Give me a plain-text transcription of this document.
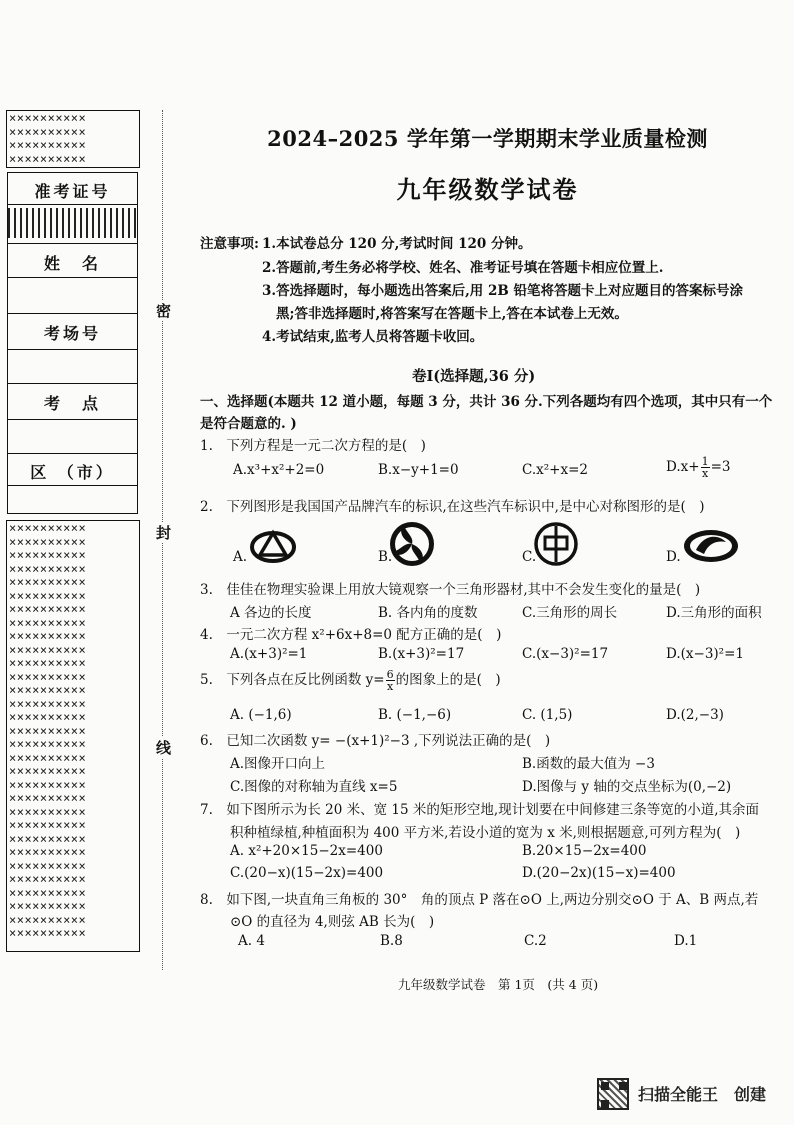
××××××××××
××××××××××
××××××××××
××××××××××
准考证号
姓　名
考场号
考　点
区 （市）
××××××××××
××××××××××
××××××××××
××××××××××
××××××××××
××××××××××
××××××××××
××××××××××
××××××××××
××××××××××
××××××××××
××××××××××
××××××××××
××××××××××
××××××××××
××××××××××
××××××××××
××××××××××
××××××××××
××××××××××
××××××××××
××××××××××
××××××××××
××××××××××
××××××××××
××××××××××
××××××××××
××××××××××
××××××××××
××××××××××
××××××××××
密
封
线
2024–2025 学年第一学期期末学业质量检测
九年级数学试卷
注意事项: 1.本试卷总分 120 分,考试时间 120 分钟。
2.答题前,考生务必将学校、姓名、准考证号填在答题卡相应位置上.
3.答选择题时，每小题选出答案后,用 2B 铅笔将答题卡上对应题目的答案标号涂
黑;答非选择题时,将答案写在答题卡上,答在本试卷上无效。
4.考试结束,监考人员将答题卡收回。
卷Ⅰ(选择题,36 分)
一、选择题(本题共 12 道小题，每题 3 分，共计 36 分.下列各题均有四个选项，其中只有一个
是符合题意的. )
1.　下列方程是一元二次方程的是(　)
A.x³+x²+2=0	B.x−y+1=0	C.x²+x=2	$D.x+ \frac{1}{x} =3$
2.　下列图形是我国国产品牌汽车的标识,在这些汽车标识中,是中心对称图形的是(　)
A.	B.	C.	D.
3.　佳佳在物理实验课上用放大镜观察一个三角形器材,其中不会发生变化的量是(　)
A 各边的长度	B. 各内角的度数	C.三角形的周长	D.三角形的面积
4.　一元二次方程 x²+6x+8=0 配方正确的是(　)
A.(x+3)²=1	B.(x+3)²=17	C.(x−3)²=17	D.(x−3)²=1
5.　下列各点在反比例函数 $y= \frac{6}{x}$ 的图象上的是(　)
A. (−1,6)	B. (−1,−6)	C. (1,5)	D.(2,−3)
6.　已知二次函数 y= −(x+1)²−3 ,下列说法正确的是(　)
A.图像开口向上	B.函数的最大值为 −3
C.图像的对称轴为直线 x=5	D.图像与 y 轴的交点坐标为(0,−2)
7.　如下图所示为长 20 米、宽 15 米的矩形空地,现计划要在中间修建三条等宽的小道,其余面
积种植绿植,种植面积为 400 平方米,若设小道的宽为 x 米,则根据题意,可列方程为(　)
A. x²+20×15−2x=400	B.20×15−2x=400
C.(20−x)(15−2x)=400	D.(20−2x)(15−x)=400
8.　如下图,一块直角三角板的 30°　角的顶点 P 落在⊙O 上,两边分别交⊙O 于 A、B 两点,若
⊙O 的直径为 4,则弦 AB 长为(　)
A. 4	B.8	C.2	D.1
九年级数学试卷　第 1页　(共 4 页)
扫描全能王　创建
